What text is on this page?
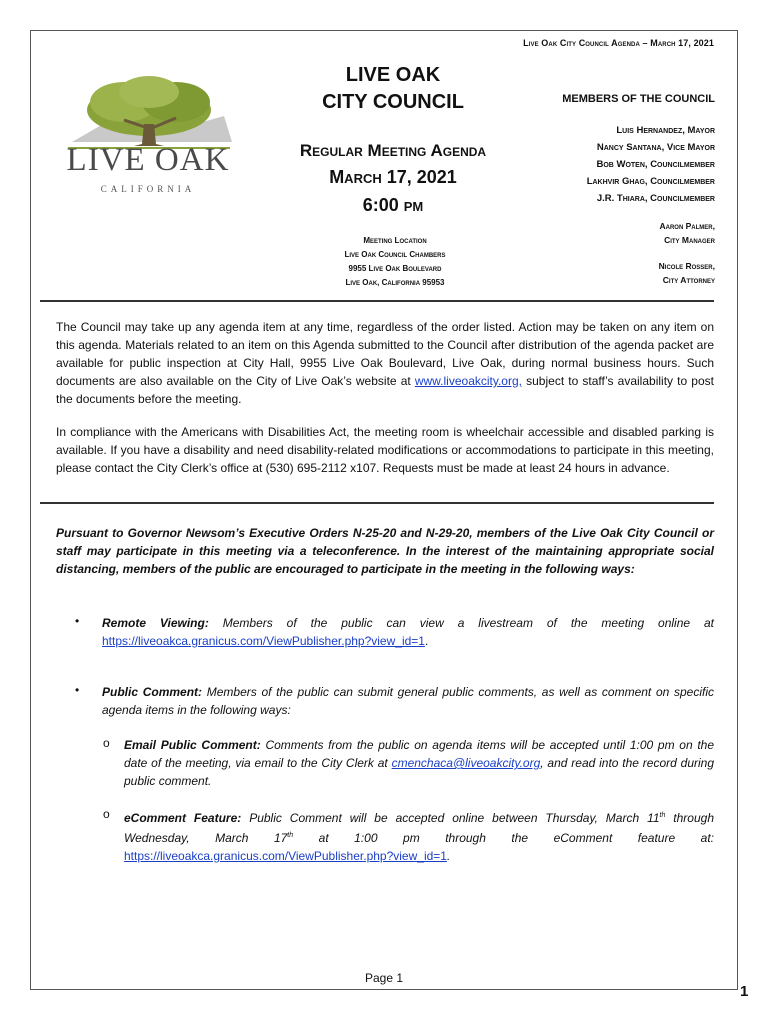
1
Live Oak City Council Agenda – March 17, 2021
LIVE OAK
CALIFORNIA
LIVE OAK
CITY COUNCIL
Regular Meeting Agenda
March 17, 2021
6:00 pm
Meeting Location
Live Oak Council Chambers
9955 Live Oak Boulevard
Live Oak, California 95953
MEMBERS OF THE COUNCIL
Luis Hernandez, Mayor
Nancy Santana, Vice Mayor
Bob Woten, Councilmember
Lakhvir Ghag, Councilmember
J.R. Thiara, Councilmember
Aaron Palmer,
City Manager
Nicole Rosser,
City Attorney
The Council may take up any agenda item at any time, regardless of the order listed. Action may be taken on any item on this agenda. Materials related to an item on this Agenda submitted to the Council after distribution of the agenda packet are available for public inspection at City Hall, 9955 Live Oak Boulevard, Live Oak, during normal business hours. Such documents are also available on the City of Live Oak’s website at www.liveoakcity.org, subject to staff’s availability to post the documents before the meeting.
In compliance with the Americans with Disabilities Act, the meeting room is wheelchair accessible and disabled parking is available. If you have a disability and need disability-related modifications or accommodations to participate in this meeting, please contact the City Clerk’s office at (530) 695-2112 x107. Requests must be made at least 24 hours in advance.
Pursuant to Governor Newsom’s Executive Orders N-25-20 and N-29-20, members of the Live Oak City Council or staff may participate in this meeting via a teleconference. In the interest of the maintaining appropriate social distancing, members of the public are encouraged to participate in the meeting in the following ways:
• Remote Viewing: Members of the public can view a livestream of the meeting online at https://liveoakca.granicus.com/ViewPublisher.php?view_id=1.
• Public Comment: Members of the public can submit general public comments, as well as comment on specific agenda items in the following ways:
o Email Public Comment: Comments from the public on agenda items will be accepted until 1:00 pm on the date of the meeting, via email to the City Clerk at cmenchaca@liveoakcity.org, and read into the record during public comment.
o eComment Feature: Public Comment will be accepted online between Thursday, March 11th through Wednesday, March 17th at 1:00 pm through the eComment feature at: https://liveoakca.granicus.com/ViewPublisher.php?view_id=1.
Page 1
